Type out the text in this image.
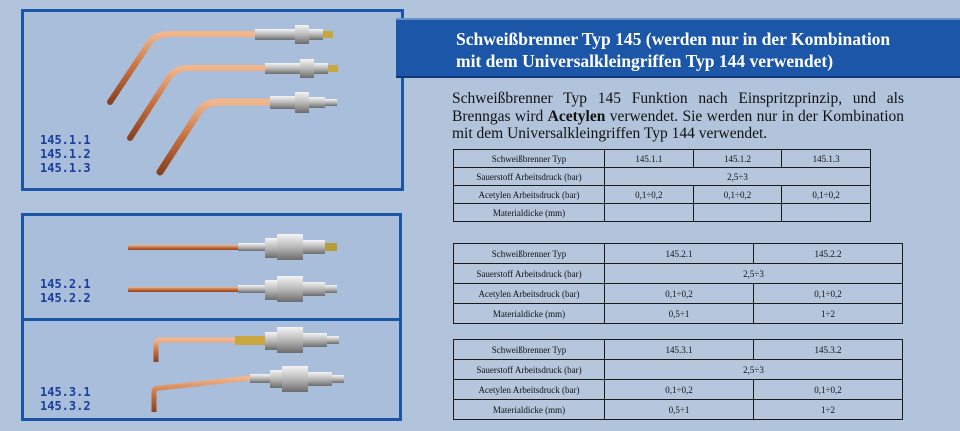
145.1.1
145.1.2
145.1.3
145.2.1
145.2.2
145.3.1
145.3.2
Schweißbrenner Typ 145 (werden nur in der Kombination
mit dem Universalkleingriffen Typ 144 verwendet)
Schweißbrenner Typ 145 Funktion nach Einspritzprinzip, und als Brenngas wird Acetylen verwendet. Sie werden nur in der Kombination mit dem Universalkleingriffen Typ 144 verwendet.
Schweißbrenner Typ	145.1.1	145.1.2	145.1.3
Sauerstoff Arbeitsdruck (bar)	2,5÷3		
Acetylen Arbeitsdruck (bar)	0,1÷0,2	0,1÷0,2	0,1÷0,2
Materialdicke (mm)			
Schweißbrenner Typ	145.2.1	145.2.2
Sauerstoff Arbeitsdruck (bar)	2,5÷3	
Acetylen Arbeitsdruck (bar)	0,1÷0,2	0,1÷0,2
Materialdicke (mm)	0,5÷1	1÷2
Schweißbrenner Typ	145.3.1	145.3.2
Sauerstoff Arbeitsdruck (bar)	2,5÷3	
Acetylen Arbeitsdruck (bar)	0,1÷0,2	0,1÷0,2
Materialdicke (mm)	0,5÷1	1÷2
